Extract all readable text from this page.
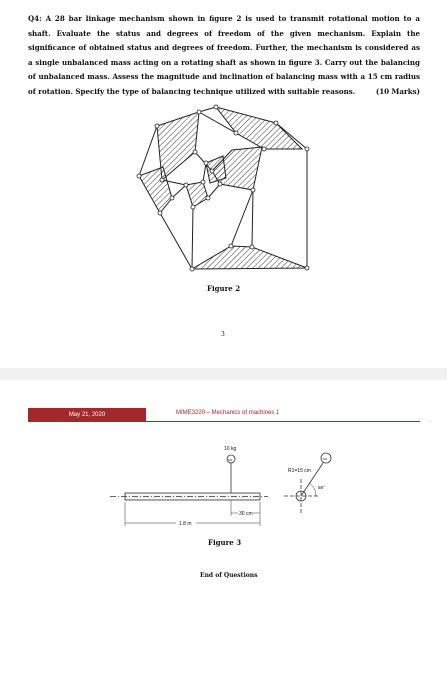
Q4: A 28 bar linkage mechanism shown in figure 2 is used to transmit rotational motion to a shaft. Evaluate the status and degrees of freedom of the given mechanism. Explain the significance of obtained status and degrees of freedom. Further, the mechanism is considered as a single unbalanced mass acting on a rotating shaft as shown in figure 3. Carry out the balancing of unbalanced mass. Assess the magnitude and inclination of balancing mass with a 15 cm radius of rotation. Specify the type of balancing technique utilized with suitable reasons.	(10 Marks)
Figure 2
3
May 21, 2020	MIME3220 – Mechanics of machines 1
10 kg
M1
30 cm
1.8 m
R1=15 cm
58°
M1
Figure 3
End of Questions
